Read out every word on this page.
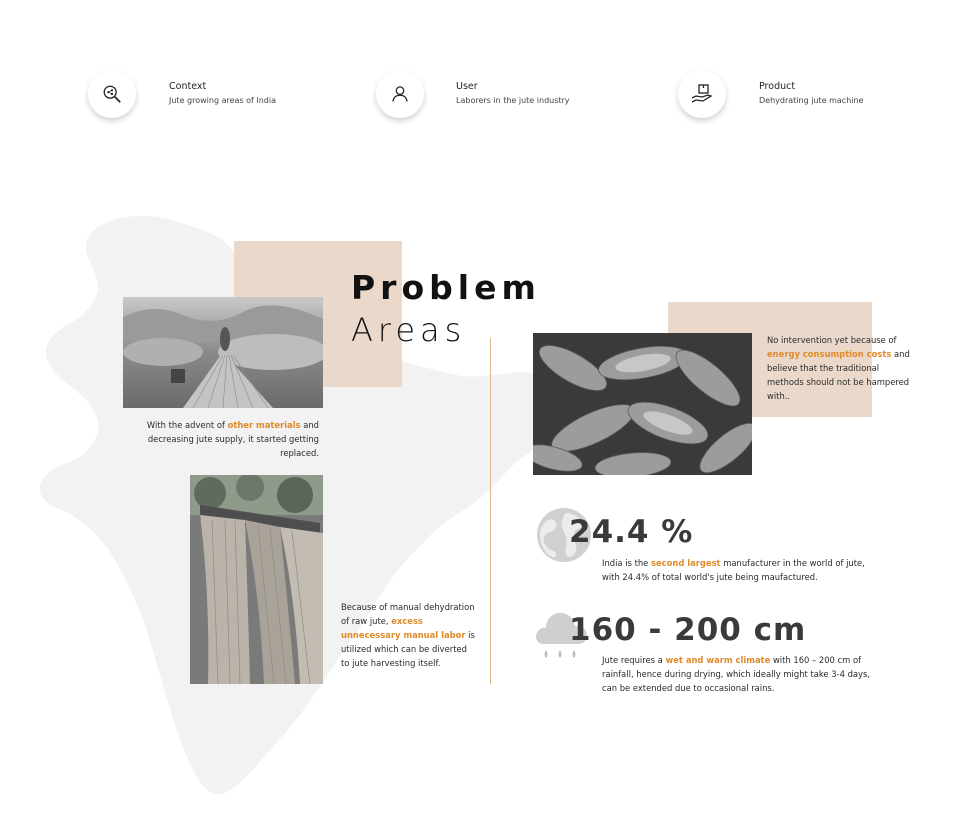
Context
Jute growing areas of India
User
Laborers in the jute industry
Product
Dehydrating jute machine
Problem
Areas
With the advent of other materials and decreasing jute supply, it started getting replaced.
Because of manual dehydration of raw jute, excess unnecessary manual labor is utilized which can be diverted to jute harvesting itself.
No intervention yet because of energy consumption costs and believe that the traditional methods should not be hampered with..
24.4 %
India is the second largest manufacturer in the world of jute, with 24.4% of total world's jute being maufactured.
160 - 200 cm
Jute requires a wet and warm climate with 160 – 200 cm of rainfall, hence during drying, which ideally might take 3-4 days, can be extended due to occasional rains.
